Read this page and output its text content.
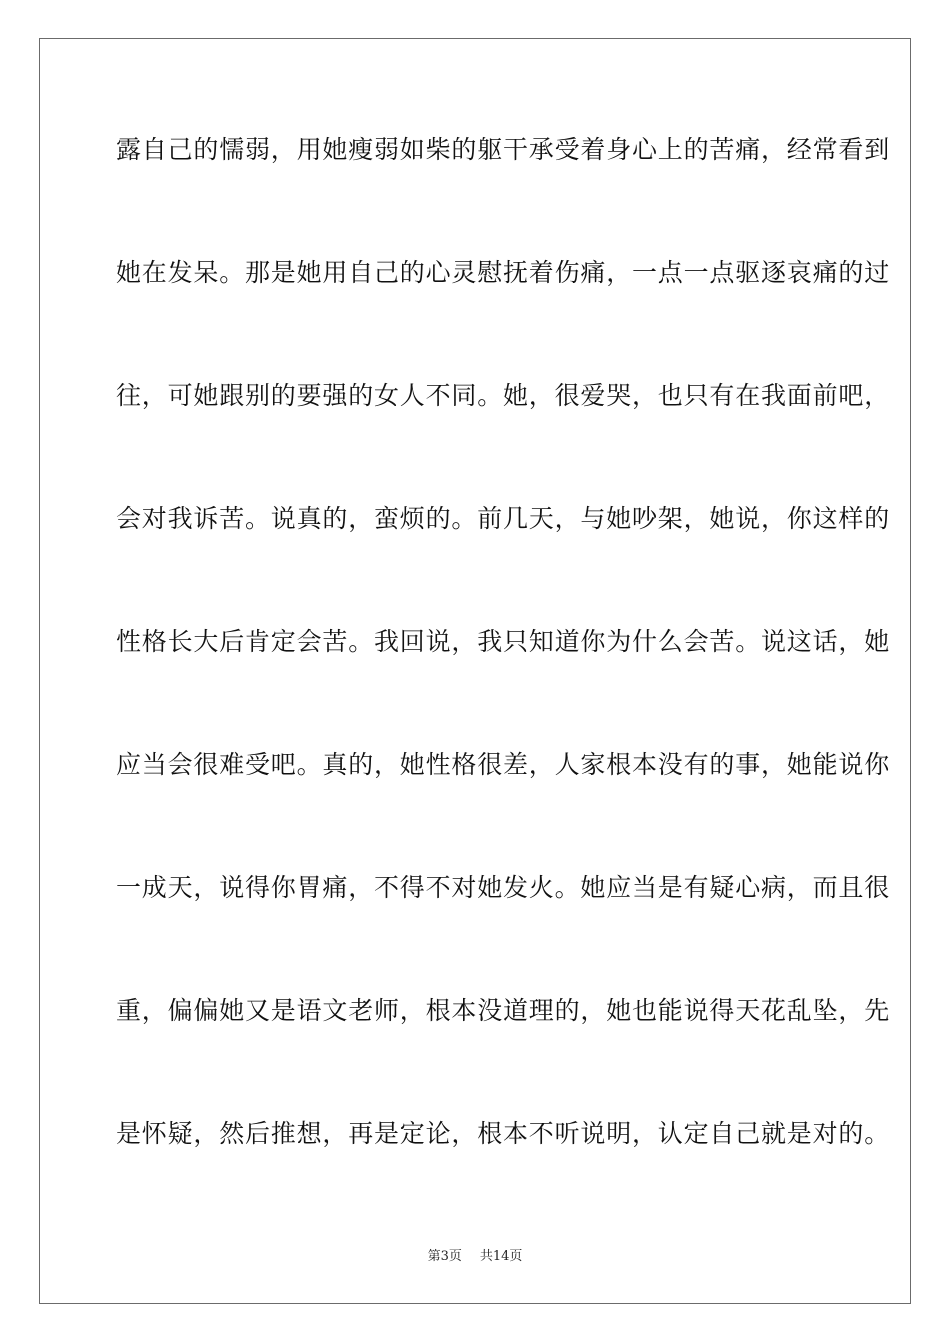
露自己的懦弱，用她瘦弱如柴的躯干承受着身心上的苦痛，经常看到
她在发呆。那是她用自己的心灵慰抚着伤痛，一点一点驱逐哀痛的过
往，可她跟别的要强的女人不同。她，很爱哭，也只有在我面前吧，
会对我诉苦。说真的，蛮烦的。前几天，与她吵架，她说，你这样的
性格长大后肯定会苦。我回说，我只知道你为什么会苦。说这话，她
应当会很难受吧。真的，她性格很差，人家根本没有的事，她能说你
一成天，说得你胃痛，不得不对她发火。她应当是有疑心病，而且很
重，偏偏她又是语文老师，根本没道理的，她也能说得天花乱坠，先
是怀疑，然后推想，再是定论，根本不听说明，认定自己就是对的。
第3页 共14页
